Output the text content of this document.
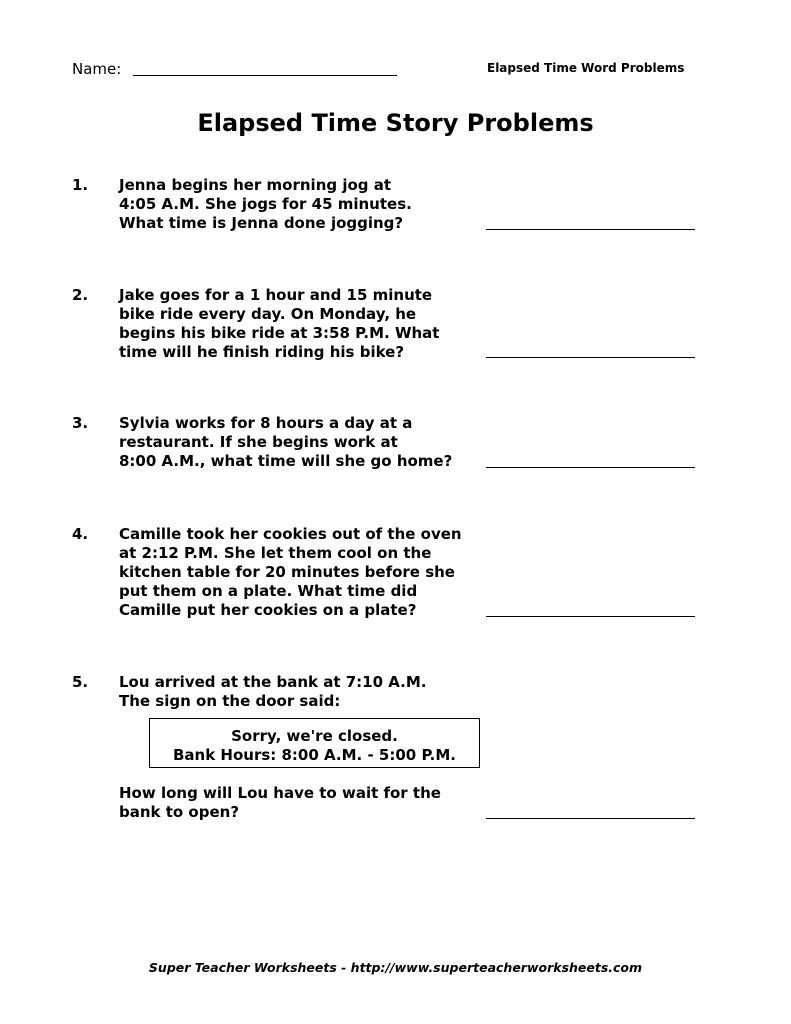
Name:	Elapsed Time Word Problems
Elapsed Time Story Problems
1. Jenna begins her morning jog at
4:05 A.M. She jogs for 45 minutes.
What time is Jenna done jogging?
2. Jake goes for a 1 hour and 15 minute
bike ride every day. On Monday, he
begins his bike ride at 3:58 P.M. What
time will he finish riding his bike?
3. Sylvia works for 8 hours a day at a
restaurant. If she begins work at
8:00 A.M., what time will she go home?
4. Camille took her cookies out of the oven
at 2:12 P.M. She let them cool on the
kitchen table for 20 minutes before she
put them on a plate. What time did
Camille put her cookies on a plate?
5. Lou arrived at the bank at 7:10 A.M.
The sign on the door said:
Sorry, we're closed.
Bank Hours: 8:00 A.M. - 5:00 P.M.
How long will Lou have to wait for the
bank to open?
Super Teacher Worksheets - http://www.superteacherworksheets.com
